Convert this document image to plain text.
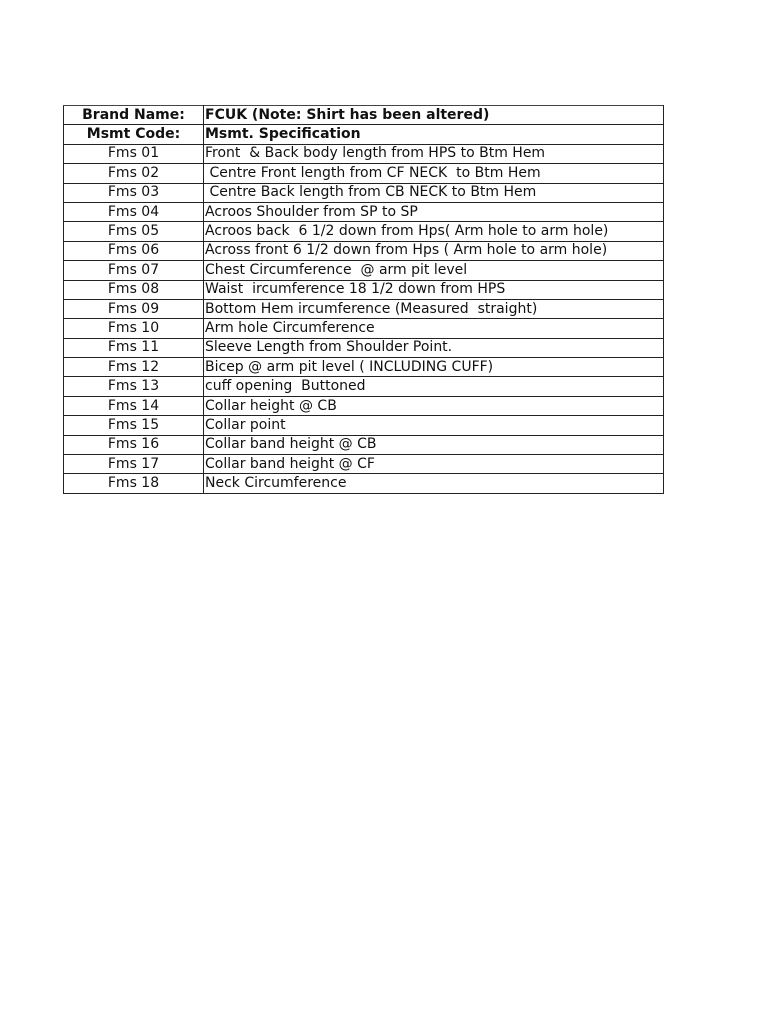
Brand Name:	FCUK (Note: Shirt has been altered)
Msmt Code:	Msmt. Specification
Fms 01	Front  & Back body length from HPS to Btm Hem
Fms 02	Centre Front length from CF NECK  to Btm Hem
Fms 03	Centre Back length from CB NECK to Btm Hem
Fms 04	Acroos Shoulder from SP to SP
Fms 05	Acroos back  6 1/2 down from Hps( Arm hole to arm hole)
Fms 06	Across front 6 1/2 down from Hps ( Arm hole to arm hole)
Fms 07	Chest Circumference  @ arm pit level
Fms 08	Waist  ircumference 18 1/2 down from HPS
Fms 09	Bottom Hem ircumference (Measured  straight)
Fms 10	Arm hole Circumference
Fms 11	Sleeve Length from Shoulder Point.
Fms 12	Bicep @ arm pit level ( INCLUDING CUFF)
Fms 13	cuff opening  Buttoned
Fms 14	Collar height @ CB
Fms 15	Collar point
Fms 16	Collar band height @ CB
Fms 17	Collar band height @ CF
Fms 18	Neck Circumference
